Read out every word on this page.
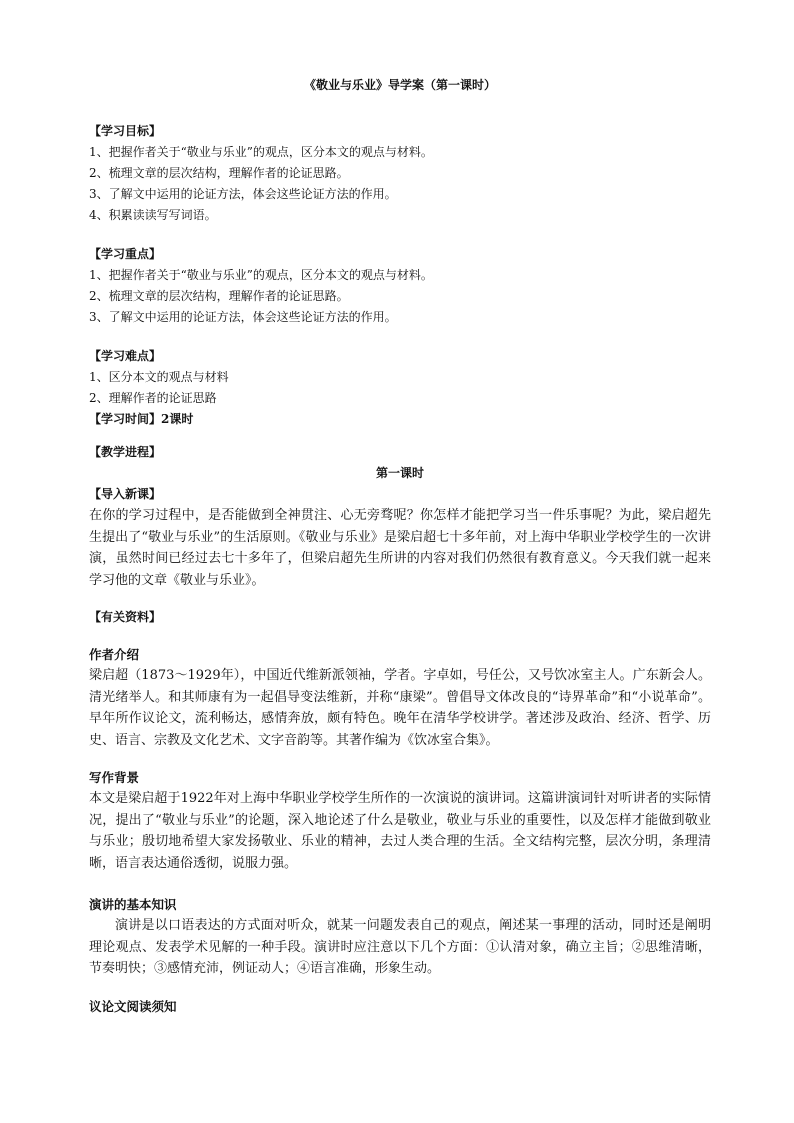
《敬业与乐业》导学案（第一课时）
【学习目标】
1、把握作者关于“敬业与乐业”的观点，区分本文的观点与材料。
2、梳理文章的层次结构，理解作者的论证思路。
3、了解文中运用的论证方法，体会这些论证方法的作用。
4、积累读读写写词语。
【学习重点】
1、把握作者关于“敬业与乐业”的观点，区分本文的观点与材料。
2、梳理文章的层次结构，理解作者的论证思路。
3、了解文中运用的论证方法，体会这些论证方法的作用。
【学习难点】
1、区分本文的观点与材料
2、理解作者的论证思路
【学习时间】2课时
【教学进程】
第一课时
【导入新课】
在你的学习过程中，是否能做到全神贯注、心无旁骛呢？你怎样才能把学习当一件乐事呢？为此，梁启超先生提出了“敬业与乐业”的生活原则。《敬业与乐业》是梁启超七十多年前，对上海中华职业学校学生的一次讲演，虽然时间已经过去七十多年了，但梁启超先生所讲的内容对我们仍然很有教育意义。今天我们就一起来学习他的文章《敬业与乐业》。
【有关资料】
作者介绍
梁启超（1873～1929年），中国近代维新派领袖，学者。字卓如，号任公，又号饮冰室主人。广东新会人。清光绪举人。和其师康有为一起倡导变法维新，并称“康梁”。曾倡导文体改良的“诗界革命”和“小说革命”。早年所作议论文，流利畅达，感情奔放，颇有特色。晚年在清华学校讲学。著述涉及政治、经济、哲学、历史、语言、宗教及文化艺术、文字音韵等。其著作编为《饮冰室合集》。
写作背景
本文是梁启超于1922年对上海中华职业学校学生所作的一次演说的演讲词。这篇讲演词针对听讲者的实际情况，提出了“敬业与乐业”的论题，深入地论述了什么是敬业，敬业与乐业的重要性，以及怎样才能做到敬业与乐业；殷切地希望大家发扬敬业、乐业的精神，去过人类合理的生活。全文结构完整，层次分明，条理清晰，语言表达通俗透彻，说服力强。
演讲的基本知识
演讲是以口语表达的方式面对听众，就某一问题发表自己的观点，阐述某一事理的活动，同时还是阐明理论观点、发表学术见解的一种手段。演讲时应注意以下几个方面：①认清对象，确立主旨；②思维清晰，节奏明快；③感情充沛，例证动人；④语言准确，形象生动。
议论文阅读须知
